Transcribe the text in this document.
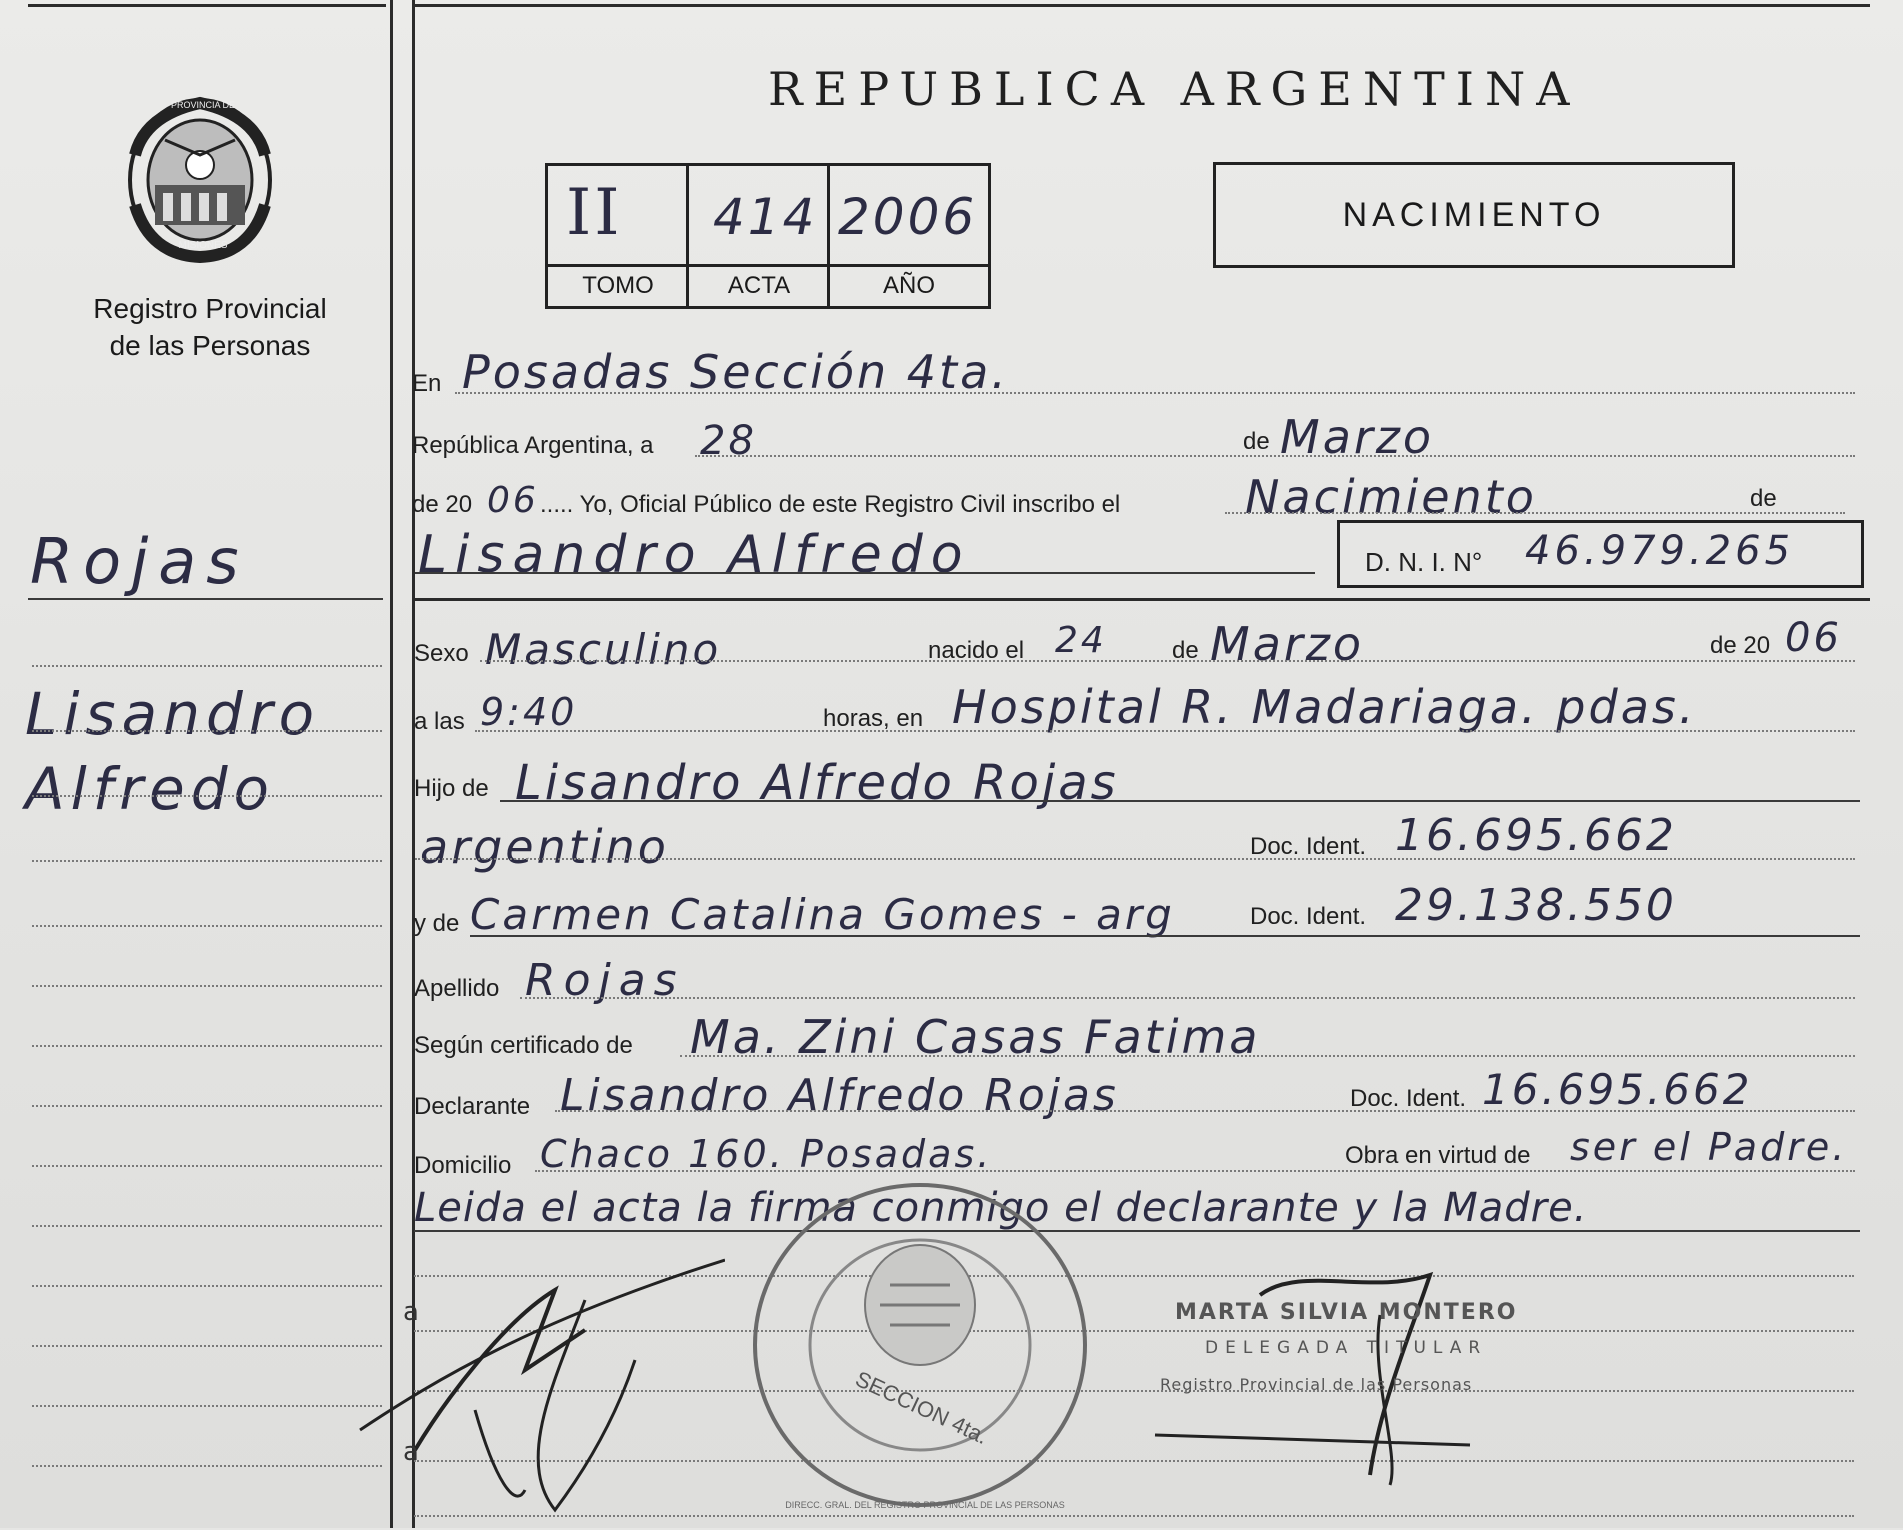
PROVINCIA DE
MISIONES
Registro Provincial
de las Personas
Rojas
Lisandro
Alfredo
REPUBLICA ARGENTINA
II 414 2006
TOMO	ACTA	AÑO
NACIMIENTO
En Posadas Sección 4ta.
República Argentina, a 28	de Marzo
de 20 06 ..... Yo, Oficial Público de este Registro Civil inscribo el	Nacimiento	de
Lisandro Alfredo	D. N. I. N° 46.979.265
Sexo Masculino	nacido el 24	de Marzo	de 20 06
a las 9:40	horas, en Hospital R. Madariaga. pdas.
Hijo de Lisandro Alfredo Rojas
argentino	Doc. Ident. 16.695.662
y de Carmen Catalina Gomes - arg	Doc. Ident. 29.138.550
Apellido Rojas
Según certificado de Ma. Zini Casas Fatima
Declarante Lisandro Alfredo Rojas	Doc. Ident. 16.695.662
Domicilio Chaco 160. Posadas.	Obra en virtud de ser el Padre.
Leida el acta la firma conmigo el declarante y la Madre.
DIRECC. GRAL. DEL REGISTRO PROVINCIAL DE LAS PERSONAS
SECCION 4ta.
a
a
MARTA SILVIA MONTERO
DELEGADA TITULAR
Registro Provincial de las Personas
